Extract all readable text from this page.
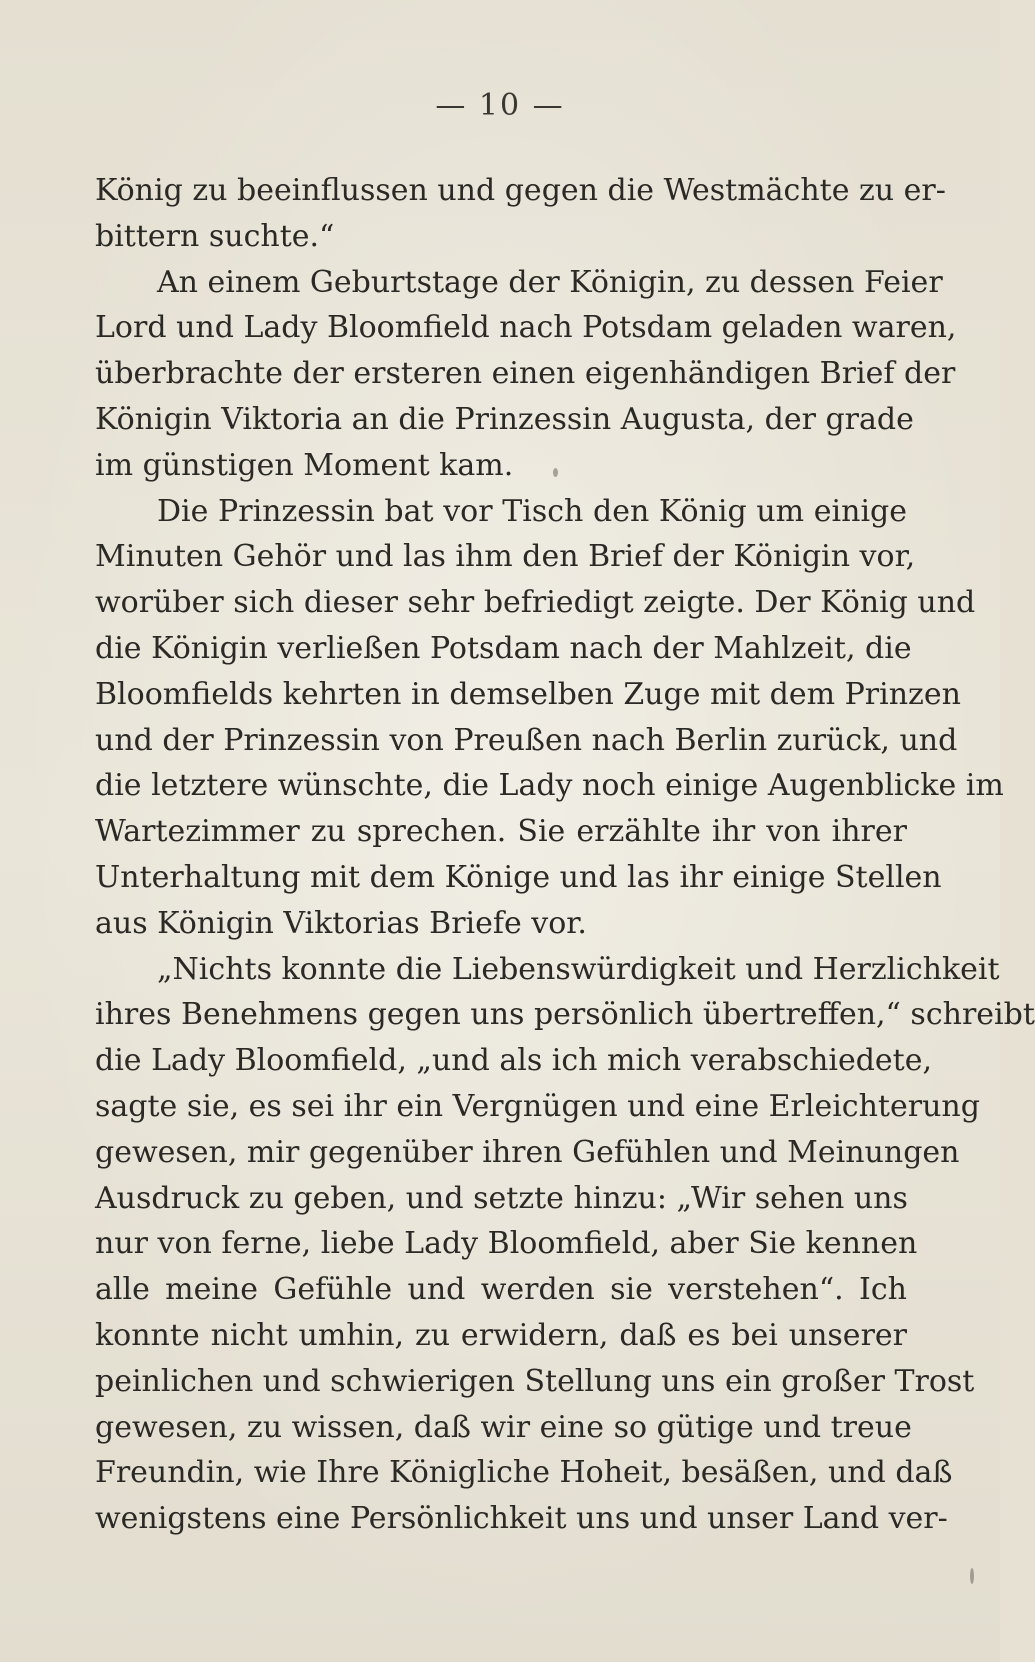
— 10 —
König zu beeinflussen und gegen die Westmächte zu er-
bittern suchte.“
An einem Geburtstage der Königin, zu dessen Feier
Lord und Lady Bloomfield nach Potsdam geladen waren,
überbrachte der ersteren einen eigenhändigen Brief der
Königin Viktoria an die Prinzessin Augusta, der grade
im günstigen Moment kam.
Die Prinzessin bat vor Tisch den König um einige
Minuten Gehör und las ihm den Brief der Königin vor,
worüber sich dieser sehr befriedigt zeigte. Der König und
die Königin verließen Potsdam nach der Mahlzeit, die
Bloomfields kehrten in demselben Zuge mit dem Prinzen
und der Prinzessin von Preußen nach Berlin zurück, und
die letztere wünschte, die Lady noch einige Augenblicke im
Wartezimmer zu sprechen. Sie erzählte ihr von ihrer
Unterhaltung mit dem Könige und las ihr einige Stellen
aus Königin Viktorias Briefe vor.
„Nichts konnte die Liebenswürdigkeit und Herzlichkeit
ihres Benehmens gegen uns persönlich übertreffen,“ schreibt
die Lady Bloomfield, „und als ich mich verabschiedete,
sagte sie, es sei ihr ein Vergnügen und eine Erleichterung
gewesen, mir gegenüber ihren Gefühlen und Meinungen
Ausdruck zu geben, und setzte hinzu: „Wir sehen uns
nur von ferne, liebe Lady Bloomfield, aber Sie kennen
alle meine Gefühle und werden sie verstehen“. Ich
konnte nicht umhin, zu erwidern, daß es bei unserer
peinlichen und schwierigen Stellung uns ein großer Trost
gewesen, zu wissen, daß wir eine so gütige und treue
Freundin, wie Ihre Königliche Hoheit, besäßen, und daß
wenigstens eine Persönlichkeit uns und unser Land ver-
